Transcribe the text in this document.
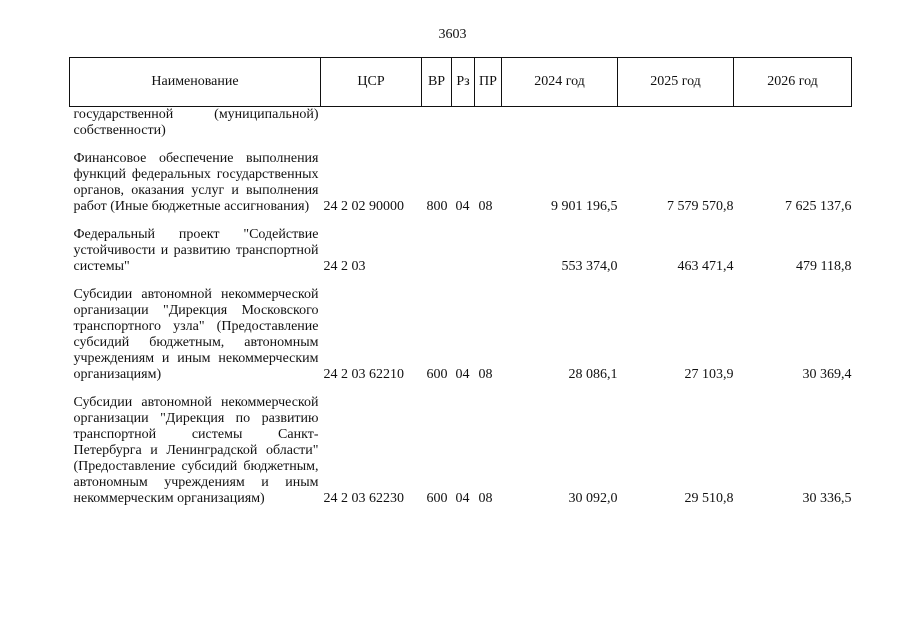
3603
Наименование	ЦСР	ВР	Рз	ПР	2024 год	2025 год	2026 год
государственной (муниципальной) собственности)							
Финансовое обеспечение выполнения функций федеральных государственных органов, оказания услуг и выполнения работ (Иные бюджетные ассигнования)	24 2 02 90000	800	04	08	9 901 196,5	7 579 570,8	7 625 137,6
Федеральный проект "Содействие устойчивости и развитию транспортной системы"	24 2 03				553 374,0	463 471,4	479 118,8
Субсидии автономной некоммерческой организации "Дирекция Московского транспортного узла" (Предоставление субсидий бюджетным, автономным учреждениям и иным некоммерческим организациям)	24 2 03 62210	600	04	08	28 086,1	27 103,9	30 369,4
Субсидии автономной некоммерческой организации "Дирекция по развитию транспортной системы Санкт-Петербурга и Ленинградской области" (Предоставление субсидий бюджетным, автономным учреждениям и иным некоммерческим организациям)	24 2 03 62230	600	04	08	30 092,0	29 510,8	30 336,5
